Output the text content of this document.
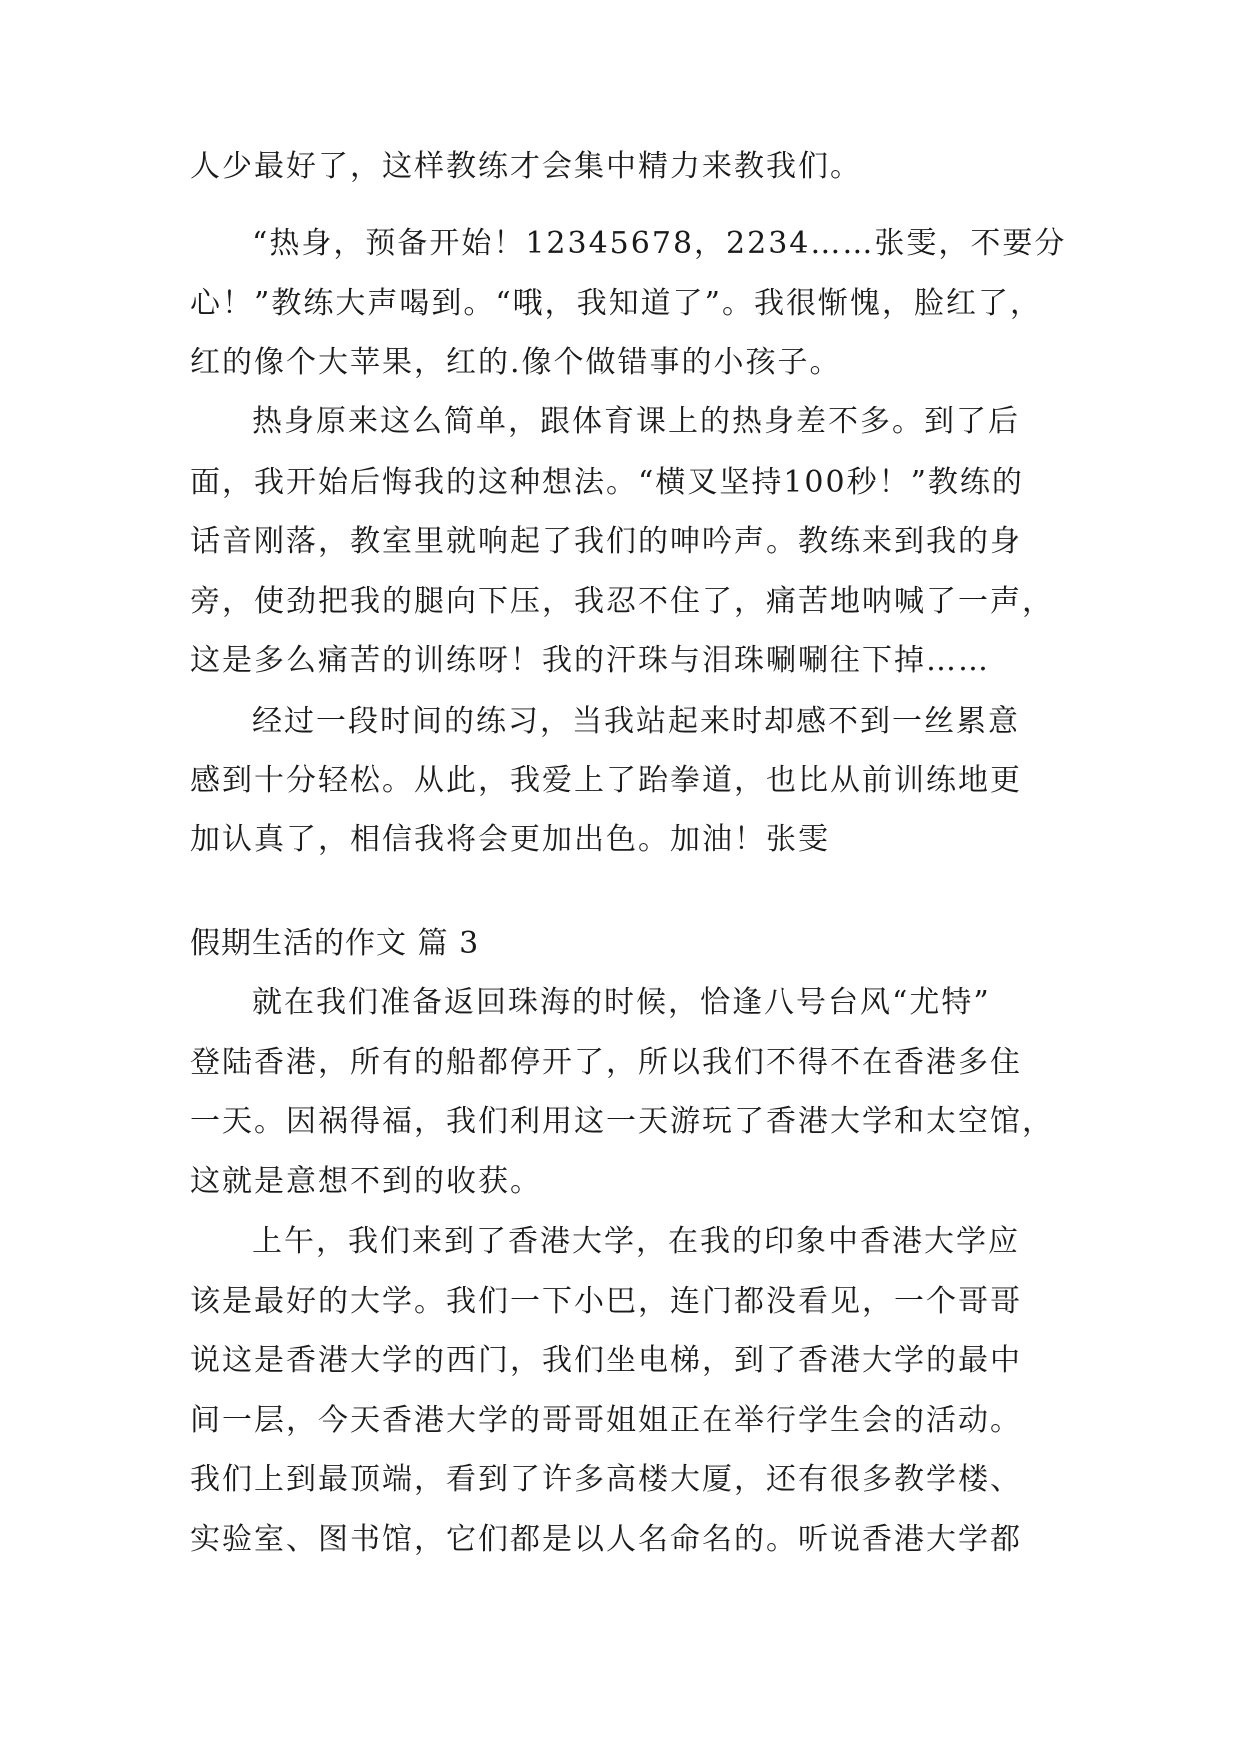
人少最好了，这样教练才会集中精力来教我们。
“热身，预备开始！12345678，2234……张雯，不要分
心！”教练大声喝到。“哦，我知道了”。我很惭愧，脸红了，
红的像个大苹果，红的.像个做错事的小孩子。
热身原来这么简单，跟体育课上的热身差不多。到了后
面，我开始后悔我的这种想法。“横叉坚持100秒！”教练的
话音刚落，教室里就响起了我们的呻吟声。教练来到我的身
旁，使劲把我的腿向下压，我忍不住了，痛苦地呐喊了一声，
这是多么痛苦的训练呀！我的汗珠与泪珠唰唰往下掉……
经过一段时间的练习，当我站起来时却感不到一丝累意
感到十分轻松。从此，我爱上了跆拳道，也比从前训练地更
加认真了，相信我将会更加出色。加油！张雯
假期生活的作文 篇 3
就在我们准备返回珠海的时候，恰逢八号台风“尤特”
登陆香港，所有的船都停开了，所以我们不得不在香港多住
一天。因祸得福，我们利用这一天游玩了香港大学和太空馆，
这就是意想不到的收获。
上午，我们来到了香港大学，在我的印象中香港大学应
该是最好的大学。我们一下小巴，连门都没看见，一个哥哥
说这是香港大学的西门，我们坐电梯，到了香港大学的最中
间一层，今天香港大学的哥哥姐姐正在举行学生会的活动。
我们上到最顶端，看到了许多高楼大厦，还有很多教学楼、
实验室、图书馆，它们都是以人名命名的。听说香港大学都
